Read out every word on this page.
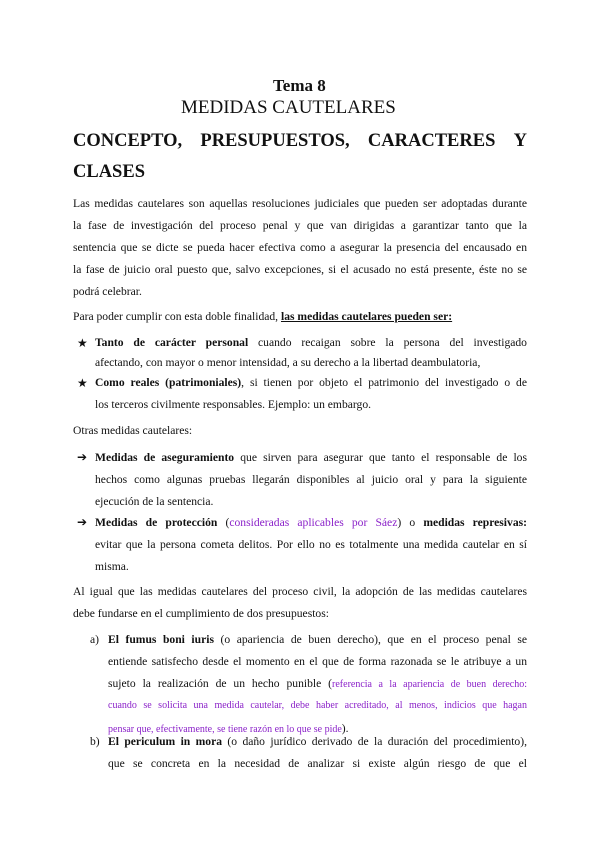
Tema 8
MEDIDAS CAUTELARES
CONCEPTO, PRESUPUESTOS, CARACTERES Y
CLASES
Las medidas cautelares son aquellas resoluciones judiciales que pueden ser adoptadas durante
la fase de investigación del proceso penal y que van dirigidas a garantizar tanto que la
sentencia que se dicte se pueda hacer efectiva como a asegurar la presencia del encausado en
la fase de juicio oral puesto que, salvo excepciones, si el acusado no está presente, éste no se
podrá celebrar.
Para poder cumplir con esta doble finalidad, las medidas cautelares pueden ser:
★ Tanto de carácter personal cuando recaigan sobre la persona del investigado
afectando, con mayor o menor intensidad, a su derecho a la libertad deambulatoria,
★ Como reales (patrimoniales), si tienen por objeto el patrimonio del investigado o de
los terceros civilmente responsables. Ejemplo: un embargo.
Otras medidas cautelares:
➔ Medidas de aseguramiento que sirven para asegurar que tanto el responsable de los
hechos como algunas pruebas llegarán disponibles al juicio oral y para la siguiente
ejecución de la sentencia.
➔ Medidas de protección (consideradas aplicables por Sáez) o medidas represivas:
evitar que la persona cometa delitos. Por ello no es totalmente una medida cautelar en sí
misma.
Al igual que las medidas cautelares del proceso civil, la adopción de las medidas cautelares
debe fundarse en el cumplimiento de dos presupuestos:
a) El fumus boni iuris (o apariencia de buen derecho), que en el proceso penal se
entiende satisfecho desde el momento en el que de forma razonada se le atribuye a un
sujeto la realización de un hecho punible (referencia a la apariencia de buen derecho:
cuando se solicita una medida cautelar, debe haber acreditado, al menos, indicios que hagan
pensar que, efectivamente, se tiene razón en lo que se pide).
b) El periculum in mora (o daño jurídico derivado de la duración del procedimiento),
que se concreta en la necesidad de analizar si existe algún riesgo de que el
